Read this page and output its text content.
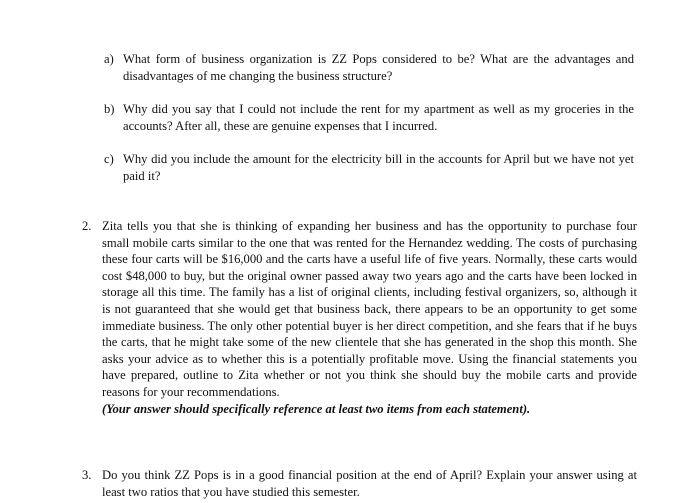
a) What form of business organization is ZZ Pops considered to be? What are the advantages and disadvantages of me changing the business structure?
b) Why did you say that I could not include the rent for my apartment as well as my groceries in the accounts? After all, these are genuine expenses that I incurred.
c) Why did you include the amount for the electricity bill in the accounts for April but we have not yet paid it?
2. Zita tells you that she is thinking of expanding her business and has the opportunity to purchase four small mobile carts similar to the one that was rented for the Hernandez wedding. The costs of purchasing these four carts will be $16,000 and the carts have a useful life of five years. Normally, these carts would cost $48,000 to buy, but the original owner passed away two years ago and the carts have been locked in storage all this time. The family has a list of original clients, including festival organizers, so, although it is not guaranteed that she would get that business back, there appears to be an opportunity to get some immediate business. The only other potential buyer is her direct competition, and she fears that if he buys the carts, that he might take some of the new clientele that she has generated in the shop this month. She asks your advice as to whether this is a potentially profitable move. Using the financial statements you have prepared, outline to Zita whether or not you think she should buy the mobile carts and provide reasons for your recommendations.
(Your answer should specifically reference at least two items from each statement).
3. Do you think ZZ Pops is in a good financial position at the end of April? Explain your answer using at least two ratios that you have studied this semester.
